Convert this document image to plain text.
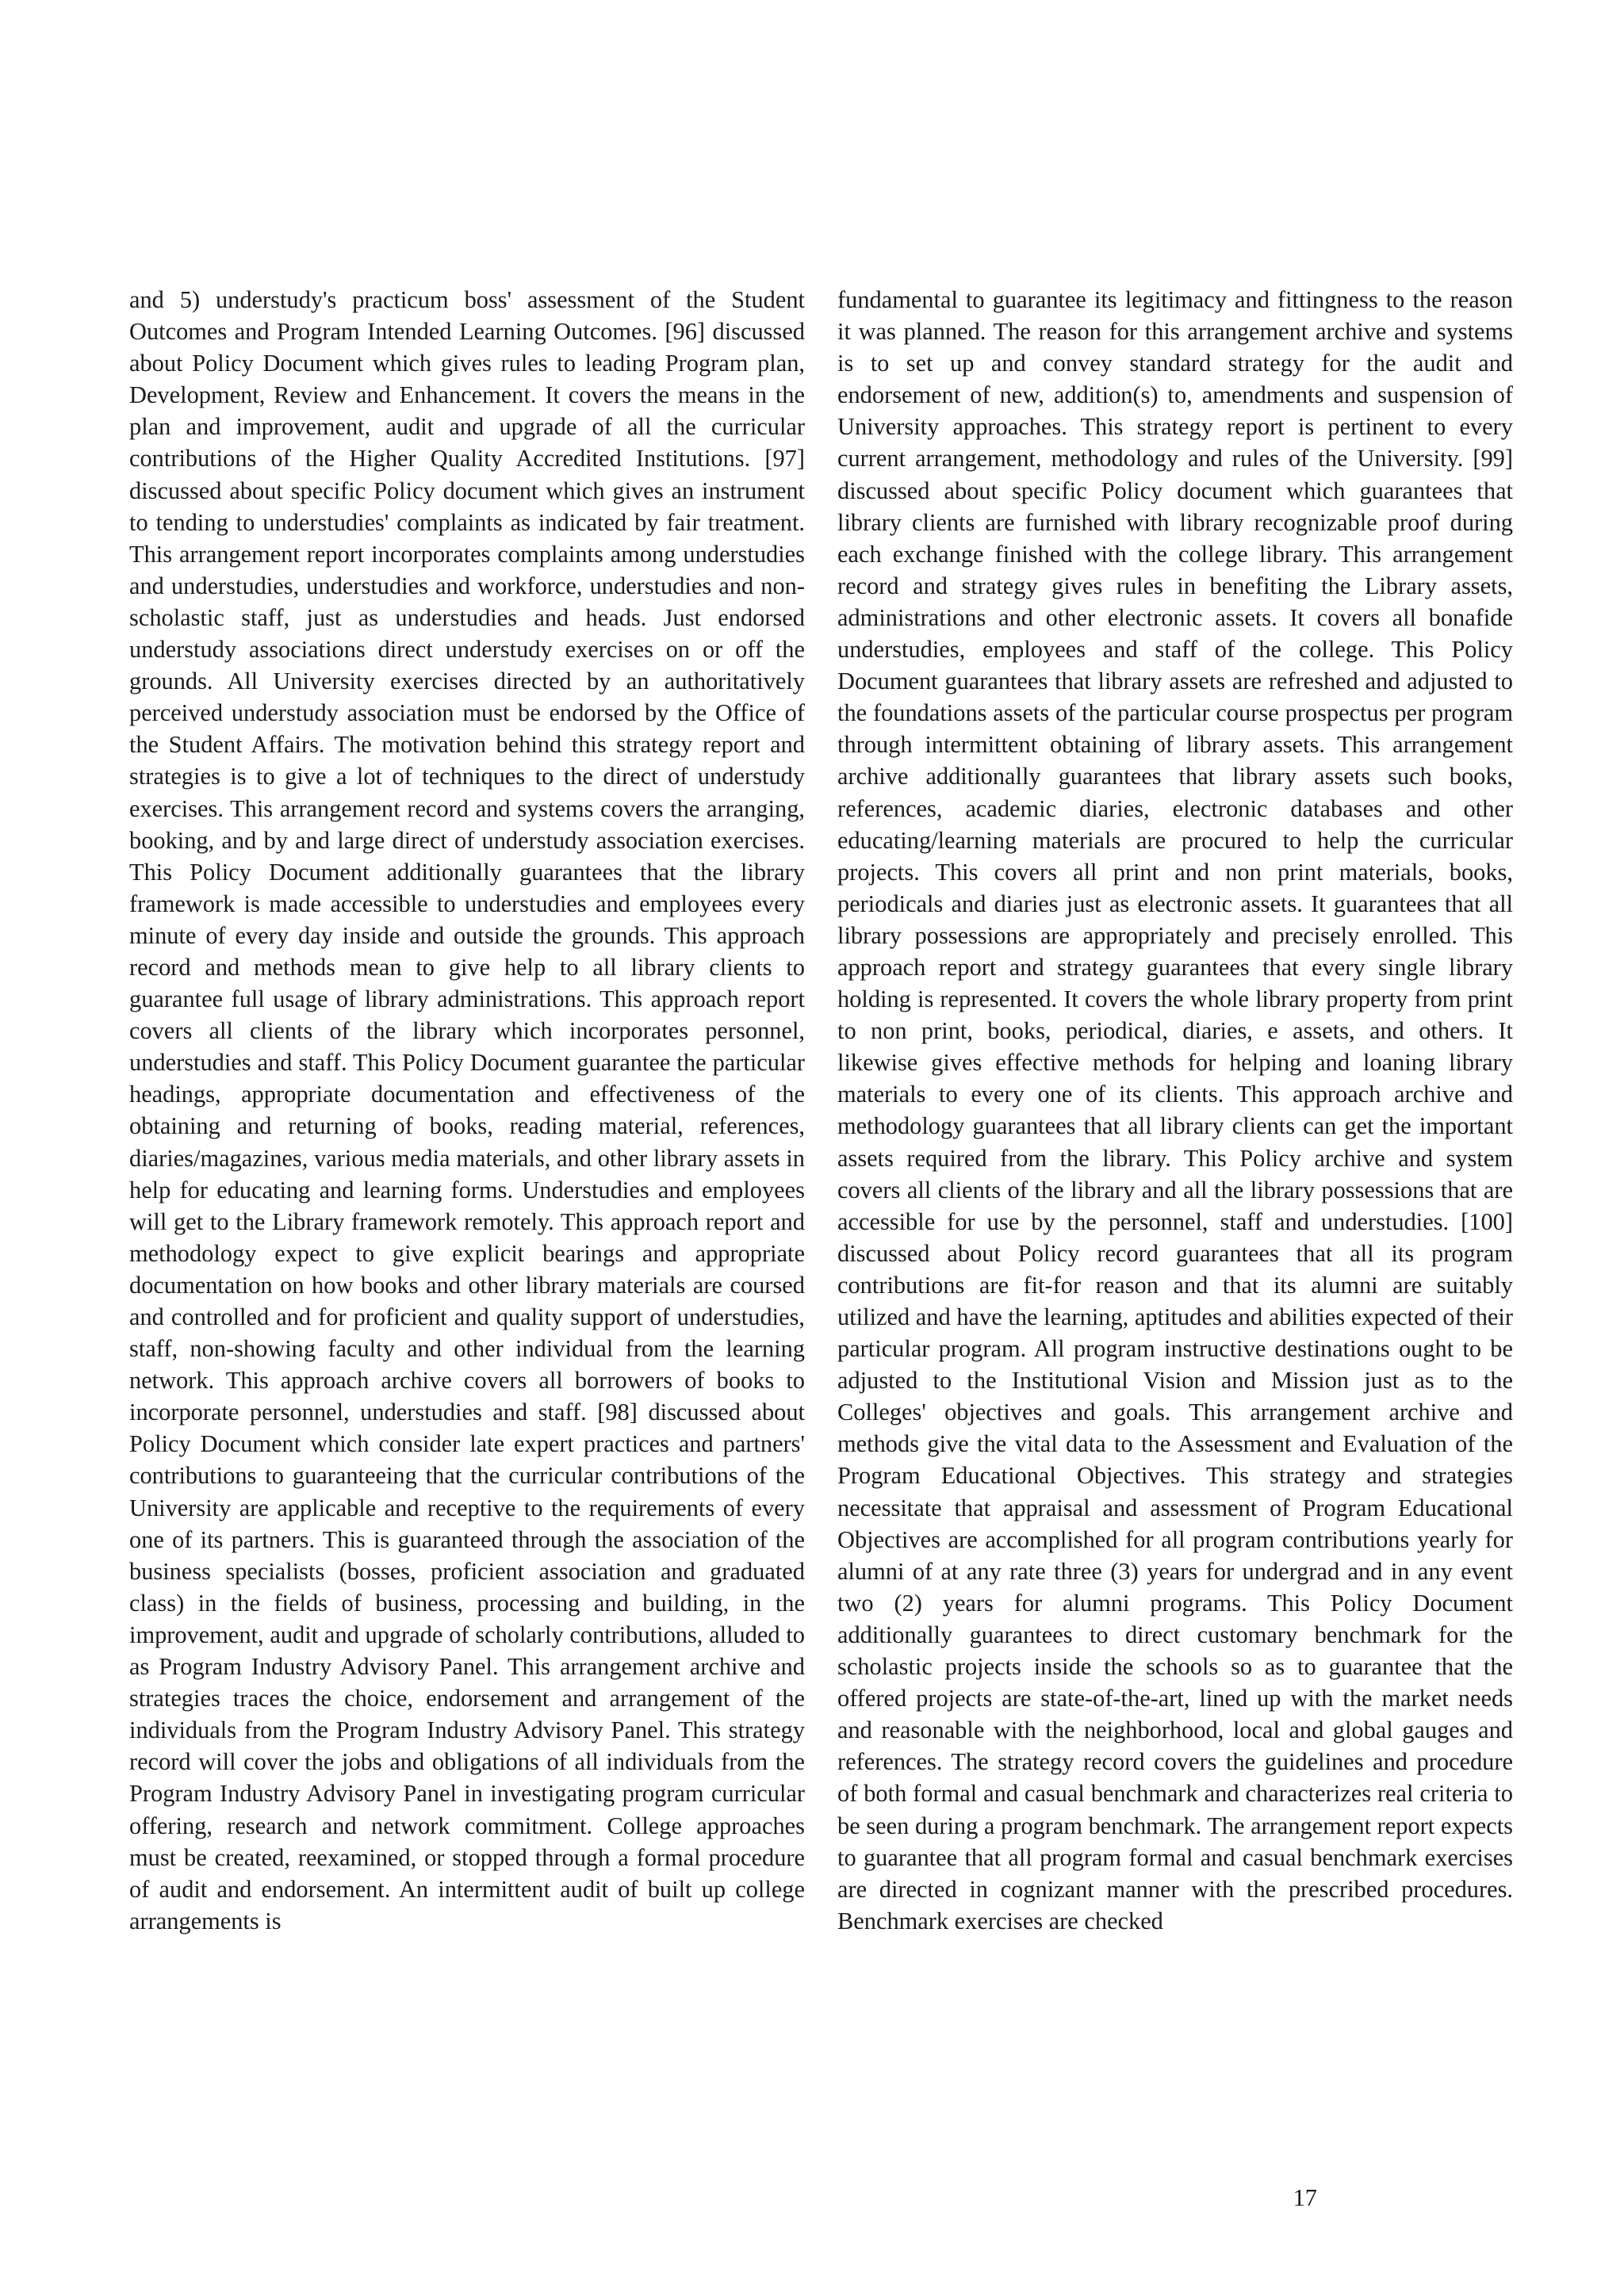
and 5) understudy's practicum boss' assessment of the Student Outcomes and Program Intended Learning Outcomes. [96] discussed about Policy Document which gives rules to leading Program plan, Development, Review and Enhancement. It covers the means in the plan and improvement, audit and upgrade of all the curricular contributions of the Higher Quality Accredited Institutions. [97] discussed about specific Policy document which gives an instrument to tending to understudies' complaints as indicated by fair treatment. This arrangement report incorporates complaints among understudies and understudies, understudies and workforce, understudies and non-scholastic staff, just as understudies and heads. Just endorsed understudy associations direct understudy exercises on or off the grounds. All University exercises directed by an authoritatively perceived understudy association must be endorsed by the Office of the Student Affairs. The motivation behind this strategy report and strategies is to give a lot of techniques to the direct of understudy exercises. This arrangement record and systems covers the arranging, booking, and by and large direct of understudy association exercises. This Policy Document additionally guarantees that the library framework is made accessible to understudies and employees every minute of every day inside and outside the grounds. This approach record and methods mean to give help to all library clients to guarantee full usage of library administrations. This approach report covers all clients of the library which incorporates personnel, understudies and staff. This Policy Document guarantee the particular headings, appropriate documentation and effectiveness of the obtaining and returning of books, reading material, references, diaries/magazines, various media materials, and other library assets in help for educating and learning forms. Understudies and employees will get to the Library framework remotely. This approach report and methodology expect to give explicit bearings and appropriate documentation on how books and other library materials are coursed and controlled and for proficient and quality support of understudies, staff, non-showing faculty and other individual from the learning network. This approach archive covers all borrowers of books to incorporate personnel, understudies and staff. [98] discussed about Policy Document which consider late expert practices and partners' contributions to guaranteeing that the curricular contributions of the University are applicable and receptive to the requirements of every one of its partners. This is guaranteed through the association of the business specialists (bosses, proficient association and graduated class) in the fields of business, processing and building, in the improvement, audit and upgrade of scholarly contributions, alluded to as Program Industry Advisory Panel. This arrangement archive and strategies traces the choice, endorsement and arrangement of the individuals from the Program Industry Advisory Panel. This strategy record will cover the jobs and obligations of all individuals from the Program Industry Advisory Panel in investigating program curricular offering, research and network commitment. College approaches must be created, reexamined, or stopped through a formal procedure of audit and endorsement. An intermittent audit of built up college arrangements is

fundamental to guarantee its legitimacy and fittingness to the reason it was planned. The reason for this arrangement archive and systems is to set up and convey standard strategy for the audit and endorsement of new, addition(s) to, amendments and suspension of University approaches. This strategy report is pertinent to every current arrangement, methodology and rules of the University. [99] discussed about specific Policy document which guarantees that library clients are furnished with library recognizable proof during each exchange finished with the college library. This arrangement record and strategy gives rules in benefiting the Library assets, administrations and other electronic assets. It covers all bonafide understudies, employees and staff of the college. This Policy Document guarantees that library assets are refreshed and adjusted to the foundations assets of the particular course prospectus per program through intermittent obtaining of library assets. This arrangement archive additionally guarantees that library assets such books, references, academic diaries, electronic databases and other educating/learning materials are procured to help the curricular projects. This covers all print and non print materials, books, periodicals and diaries just as electronic assets. It guarantees that all library possessions are appropriately and precisely enrolled. This approach report and strategy guarantees that every single library holding is represented. It covers the whole library property from print to non print, books, periodical, diaries, e assets, and others. It likewise gives effective methods for helping and loaning library materials to every one of its clients. This approach archive and methodology guarantees that all library clients can get the important assets required from the library. This Policy archive and system covers all clients of the library and all the library possessions that are accessible for use by the personnel, staff and understudies. [100] discussed about Policy record guarantees that all its program contributions are fit-for reason and that its alumni are suitably utilized and have the learning, aptitudes and abilities expected of their particular program. All program instructive destinations ought to be adjusted to the Institutional Vision and Mission just as to the Colleges' objectives and goals. This arrangement archive and methods give the vital data to the Assessment and Evaluation of the Program Educational Objectives. This strategy and strategies necessitate that appraisal and assessment of Program Educational Objectives are accomplished for all program contributions yearly for alumni of at any rate three (3) years for undergrad and in any event two (2) years for alumni programs. This Policy Document additionally guarantees to direct customary benchmark for the scholastic projects inside the schools so as to guarantee that the offered projects are state-of-the-art, lined up with the market needs and reasonable with the neighborhood, local and global gauges and references. The strategy record covers the guidelines and procedure of both formal and casual benchmark and characterizes real criteria to be seen during a program benchmark. The arrangement report expects to guarantee that all program formal and casual benchmark exercises are directed in cognizant manner with the prescribed procedures. Benchmark exercises are checked

17
